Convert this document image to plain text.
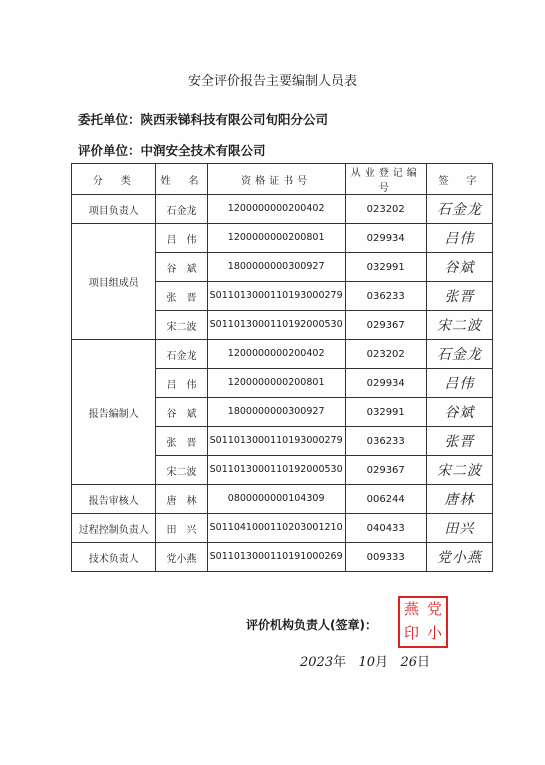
安全评价报告主要编制人员表
委托单位：陕西汞锑科技有限公司旬阳分公司
评价单位：中润安全技术有限公司
分　类	姓　名	资格证书号	从业登记编号	签　字
项目负责人	石金龙	1200000000200402	023202	石金龙
项目组成员	吕　伟	1200000000200801	029934	吕伟
	谷　斌	1800000000300927	032991	谷斌
	张　晋	S011013000110193000279	036233	张晋
	宋二波	S011013000110192000530	029367	宋二波
报告编制人	石金龙	1200000000200402	023202	石金龙
	吕　伟	1200000000200801	029934	吕伟
	谷　斌	1800000000300927	032991	谷斌
	张　晋	S011013000110193000279	036233	张晋
	宋二波	S011013000110192000530	029367	宋二波
报告审核人	唐　林	0800000000104309	006244	唐林
过程控制负责人	田　兴	S011041000110203001210	040433	田兴
技术负责人	党小燕	S011013000110191000269	009333	党小燕
评价机构负责人(签章)：
燕 党
印 小
2023年 10月 26日
